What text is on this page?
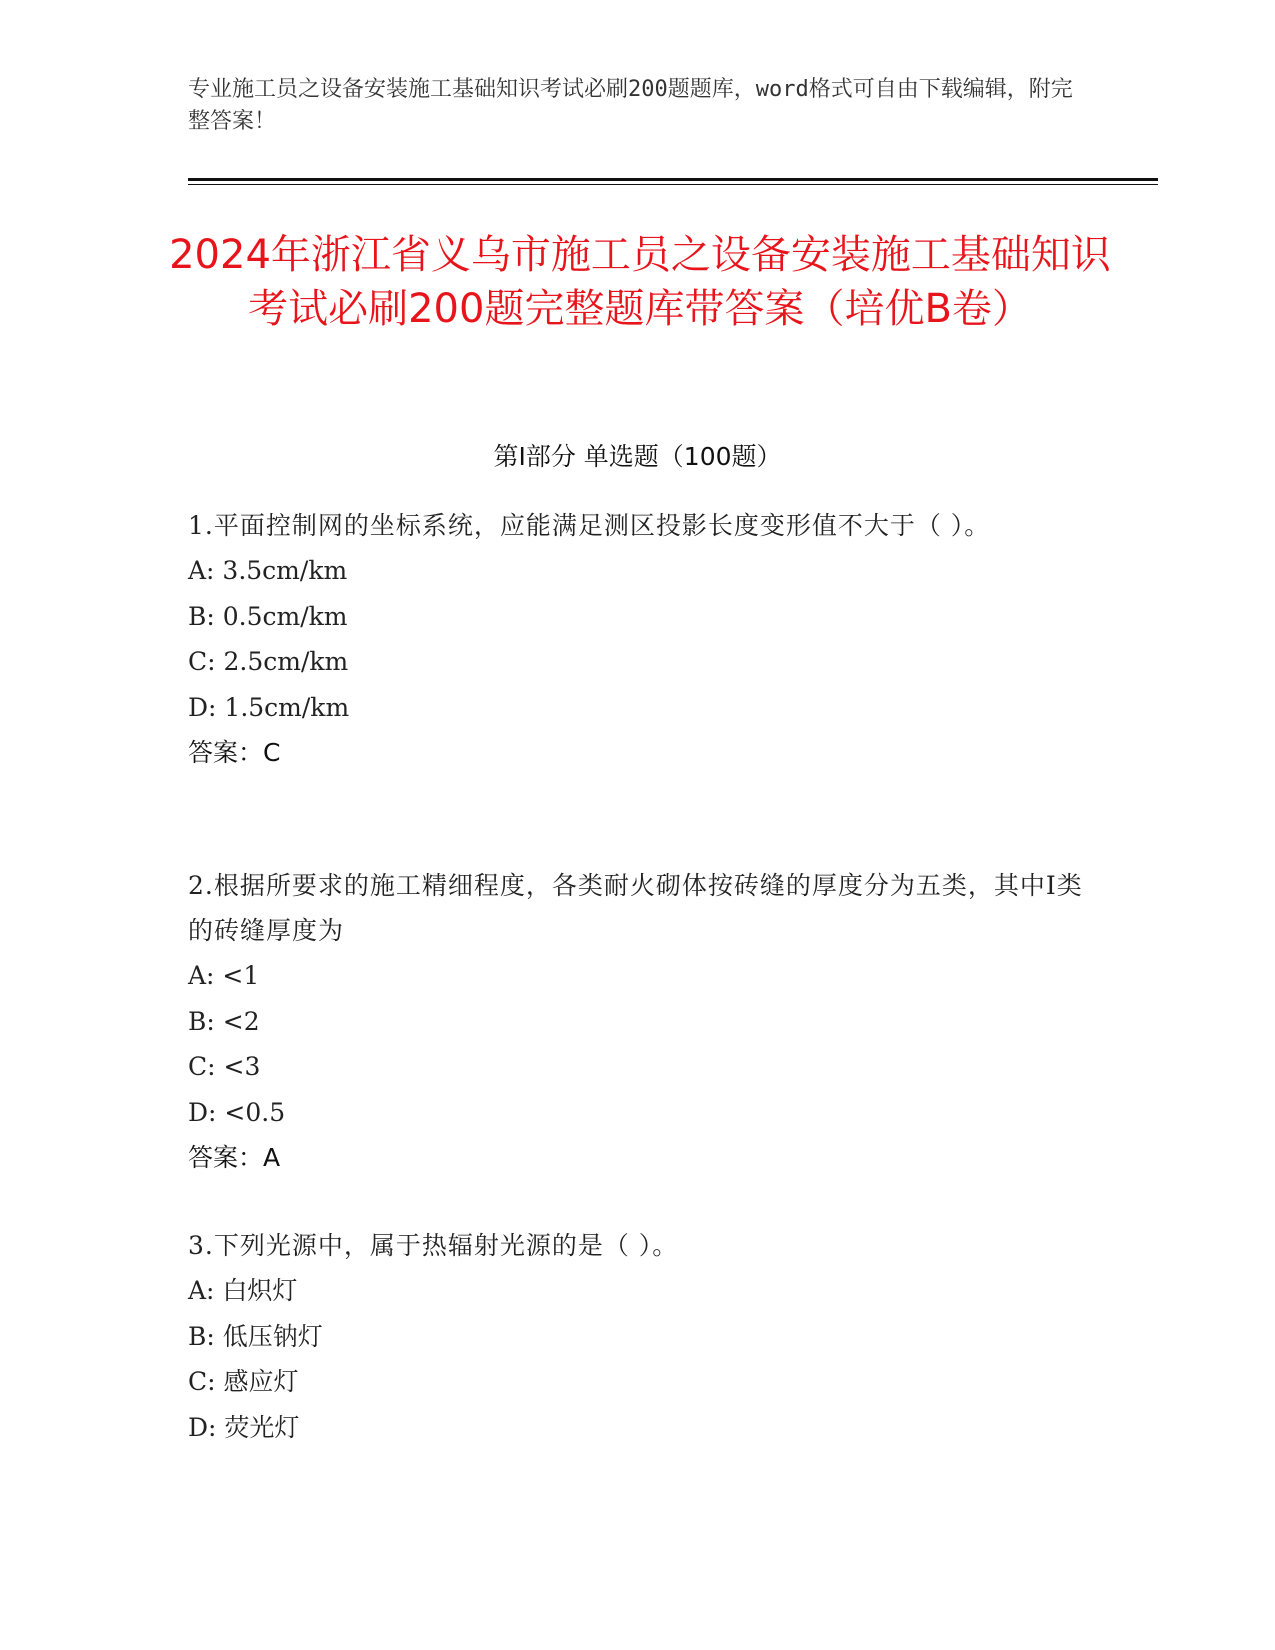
专业施工员之设备安装施工基础知识考试必刷200题题库，word格式可自由下载编辑，附完整答案！
2024年浙江省义乌市施工员之设备安装施工基础知识考试必刷200题完整题库带答案（培优B卷）
第I部分 单选题（100题）
1.平面控制网的坐标系统，应能满足测区投影长度变形值不大于（ ）。
A: 3.5cm/km
B: 0.5cm/km
C: 2.5cm/km
D: 1.5cm/km
答案：C
2.根据所要求的施工精细程度，各类耐火砌体按砖缝的厚度分为五类，其中Ⅰ类的砖缝厚度为
A: <1
B: <2
C: <3
D: <0.5
答案：A
3.下列光源中，属于热辐射光源的是（ ）。
A: 白炽灯
B: 低压钠灯
C: 感应灯
D: 荧光灯
